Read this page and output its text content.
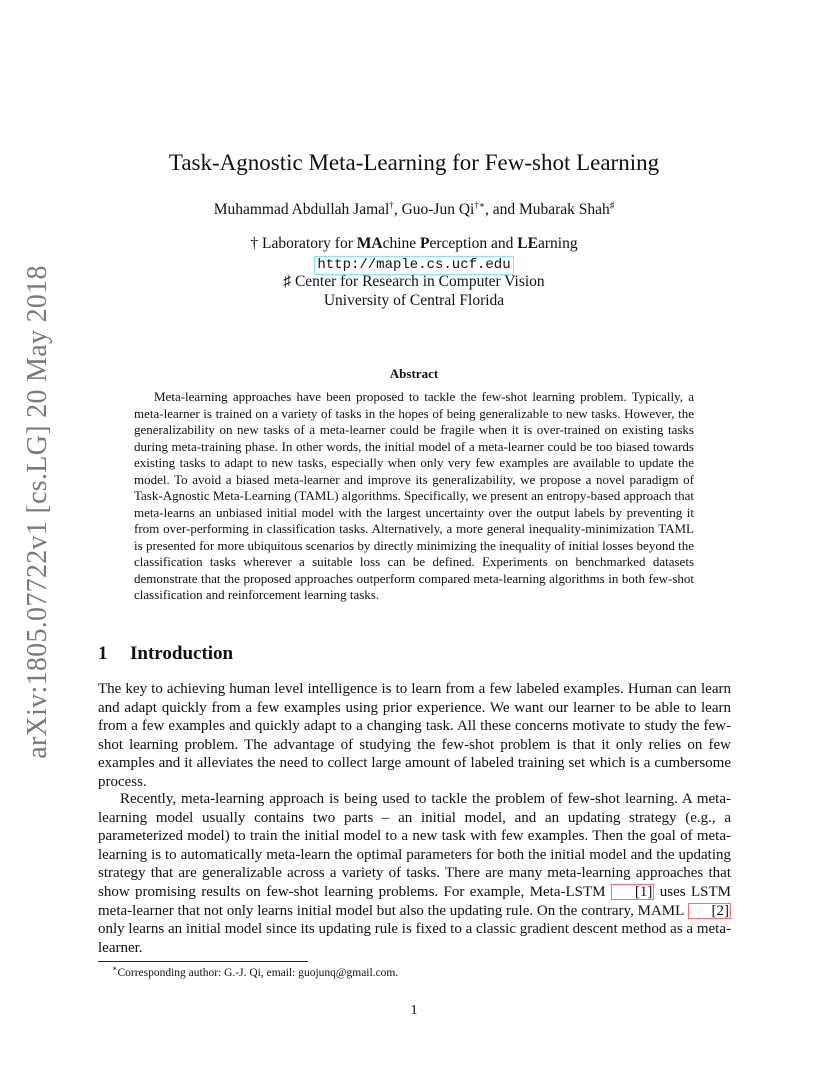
arXiv:1805.07722v1 [cs.LG] 20 May 2018
Task-Agnostic Meta-Learning for Few-shot Learning
Muhammad Abdullah Jamal†, Guo-Jun Qi†∗, and Mubarak Shah♯
† Laboratory for MAchine Perception and LEarning
http://maple.cs.ucf.edu
♯ Center for Research in Computer Vision
University of Central Florida
Abstract

Meta-learning approaches have been proposed to tackle the few-shot learning problem. Typically, a meta-learner is trained on a variety of tasks in the hopes of being generalizable to new tasks. However, the generalizability on new tasks of a meta-learner could be fragile when it is over-trained on existing tasks during meta-training phase. In other words, the initial model of a meta-learner could be too biased towards existing tasks to adapt to new tasks, especially when only very few examples are available to update the model. To avoid a biased meta-learner and improve its generalizability, we propose a novel paradigm of Task-Agnostic Meta-Learning (TAML) algorithms. Specifically, we present an entropy-based approach that meta-learns an unbiased initial model with the largest uncertainty over the output labels by preventing it from over-performing in classification tasks. Alternatively, a more general inequality-minimization TAML is presented for more ubiquitous scenarios by directly minimizing the inequality of initial losses beyond the classification tasks wherever a suitable loss can be defined. Experiments on benchmarked datasets demonstrate that the proposed approaches outperform compared meta-learning algorithms in both few-shot classification and reinforcement learning tasks.

1 Introduction

The key to achieving human level intelligence is to learn from a few labeled examples. Human can learn and adapt quickly from a few examples using prior experience. We want our learner to be able to learn from a few examples and quickly adapt to a changing task. All these concerns motivate to study the few-shot learning problem. The advantage of studying the few-shot problem is that it only relies on few examples and it alleviates the need to collect large amount of labeled training set which is a cumbersome process.

Recently, meta-learning approach is being used to tackle the problem of few-shot learning. A meta-learning model usually contains two parts – an initial model, and an updating strategy (e.g., a parameterized model) to train the initial model to a new task with few examples. Then the goal of meta-learning is to automatically meta-learn the optimal parameters for both the initial model and the updating strategy that are generalizable across a variety of tasks. There are many meta-learning approaches that show promising results on few-shot learning problems. For example, Meta-LSTM [1] uses LSTM meta-learner that not only learns initial model but also the updating rule. On the contrary, MAML [2] only learns an initial model since its updating rule is fixed to a classic gradient descent method as a meta-learner.

∗Corresponding author: G.-J. Qi, email: guojunq@gmail.com.
1
